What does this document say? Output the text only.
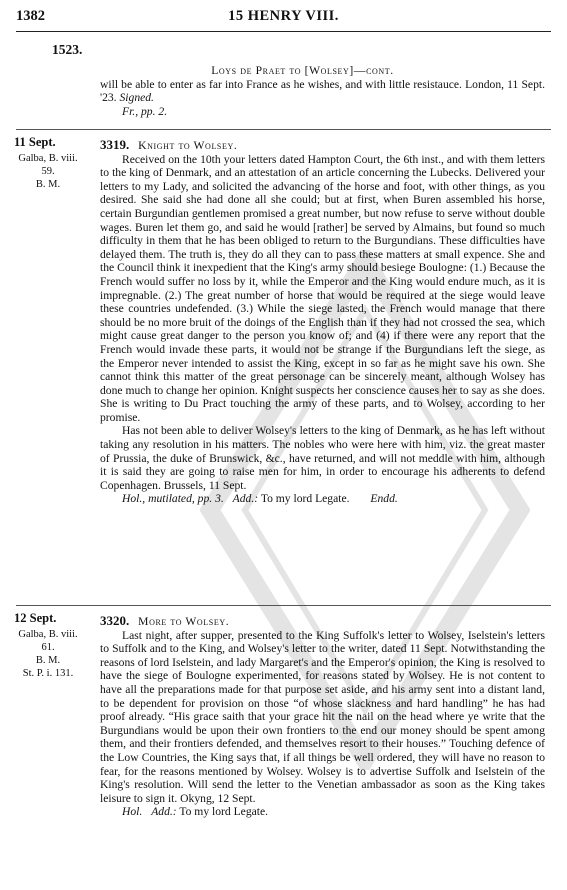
1382	15 HENRY VIII.
1523.
Loys de Praet to [Wolsey]—cont.

will be able to enter as far into France as he wishes, and with little resistauce. London, 11 Sept. '23. Signed.

Fr., pp. 2.
11 Sept.
Galba, B. viii.
59.
B. M.
3319. Knight to Wolsey.

Received on the 10th your letters dated Hampton Court, the 6th inst., and with them letters to the king of Denmark, and an attestation of an article concerning the Lubecks. Delivered your letters to my Lady, and solicited the advancing of the horse and foot, with other things, as you desired. She said she had done all she could; but at first, when Buren assembled his horse, certain Burgundian gentlemen promised a great number, but now refuse to serve without double wages. Buren let them go, and said he would [rather] be served by Almains, but found so much difficulty in them that he has been obliged to return to the Burgundians. These difficulties have delayed them. The truth is, they do all they can to pass these matters at small expence. She and the Council think it inexpedient that the King's army should besiege Boulogne: (1.) Because the French would suffer no loss by it, while the Emperor and the King would endure much, as it is impregnable. (2.) The great number of horse that would be required at the siege would leave these countries undefended. (3.) While the siege lasted, the French would manage that there should be no more bruit of the doings of the English than if they had not crossed the sea, which might cause great danger to the person you know of; and (4) if there were any report that the French would invade these parts, it would not be strange if the Burgundians left the siege, as the Emperor never intended to assist the King, except in so far as he might save his own. She cannot think this matter of the great personage can be sincerely meant, although Wolsey has done much to change her opinion. Knight suspects her conscience causes her to say as she does. She is writing to Du Pract touching the army of these parts, and to Wolsey, according to her promise.

Has not been able to deliver Wolsey's letters to the king of Denmark, as he has left without taking any resolution in his matters. The nobles who were here with him, viz. the great master of Prussia, the duke of Brunswick, &c., have returned, and will not meddle with him, although it is said they are going to raise men for him, in order to encourage his adherents to defend Copenhagen. Brussels, 11 Sept.

Hol., mutilated, pp. 3. Add.: To my lord Legate. Endd.
12 Sept.
Galba, B. viii.
61.
B. M.
St. P. i. 131.
3320. More to Wolsey.

Last night, after supper, presented to the King Suffolk's letter to Wolsey, Iselstein's letters to Suffolk and to the King, and Wolsey's letter to the writer, dated 11 Sept. Notwithstanding the reasons of lord Iselstein, and lady Margaret's and the Emperor's opinion, the King is resolved to have the siege of Boulogne experimented, for reasons stated by Wolsey. He is not content to have all the preparations made for that purpose set aside, and his army sent into a distant land, to be dependent for provision on those “of whose slackness and hard handling” he has had proof already. “His grace saith that your grace hit the nail on the head where ye write that the Burgundians would be upon their own frontiers to the end our money should be spent among them, and their frontiers defended, and themselves resort to their houses.” Touching defence of the Low Countries, the King says that, if all things be well ordered, they will have no reason to fear, for the reasons mentioned by Wolsey. Wolsey is to advertise Suffolk and Iselstein of the King's resolution. Will send the letter to the Venetian ambassador as soon as the King takes leisure to sign it. Okyng, 12 Sept.

Hol. Add.: To my lord Legate.
